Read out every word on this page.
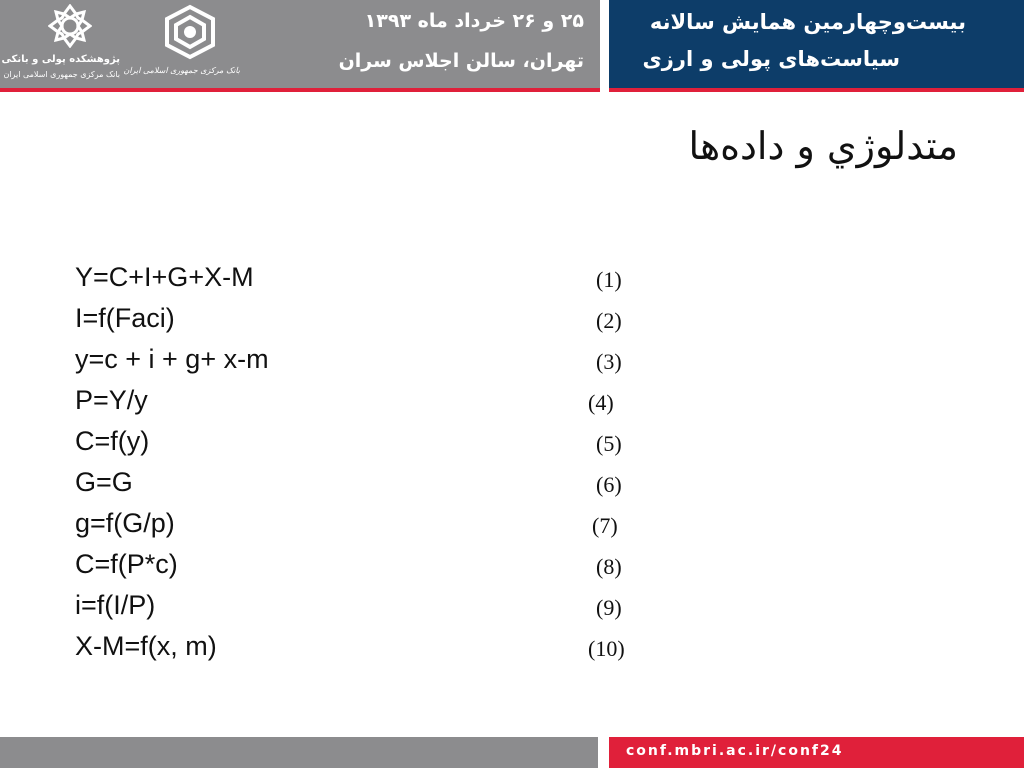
پژوهشکده پولی و بانکی
بانک مرکزی جمهوری اسلامی ایران بانک مرکزی جمهوری اسلامی ایران
۲۵ و ۲۶ خرداد ماه ۱۳۹۳
تهران، سالن اجلاس سران
بیست‌وچهارمین همایش سالانه
سیاست‌های پولی و ارزی
متدلوژي و داده‌ها
Y=C+I+G+X-M	(1)
I=f(Faci)	(2)
y=c + i + g+ x-m	(3)
P=Y/y	(4)
C=f(y)	(5)
G=G	(6)
g=f(G/p)	(7)
C=f(P*c)	(8)
i=f(I/P)	(9)
X-M=f(x, m)	(10)
conf.mbri.ac.ir/conf24
